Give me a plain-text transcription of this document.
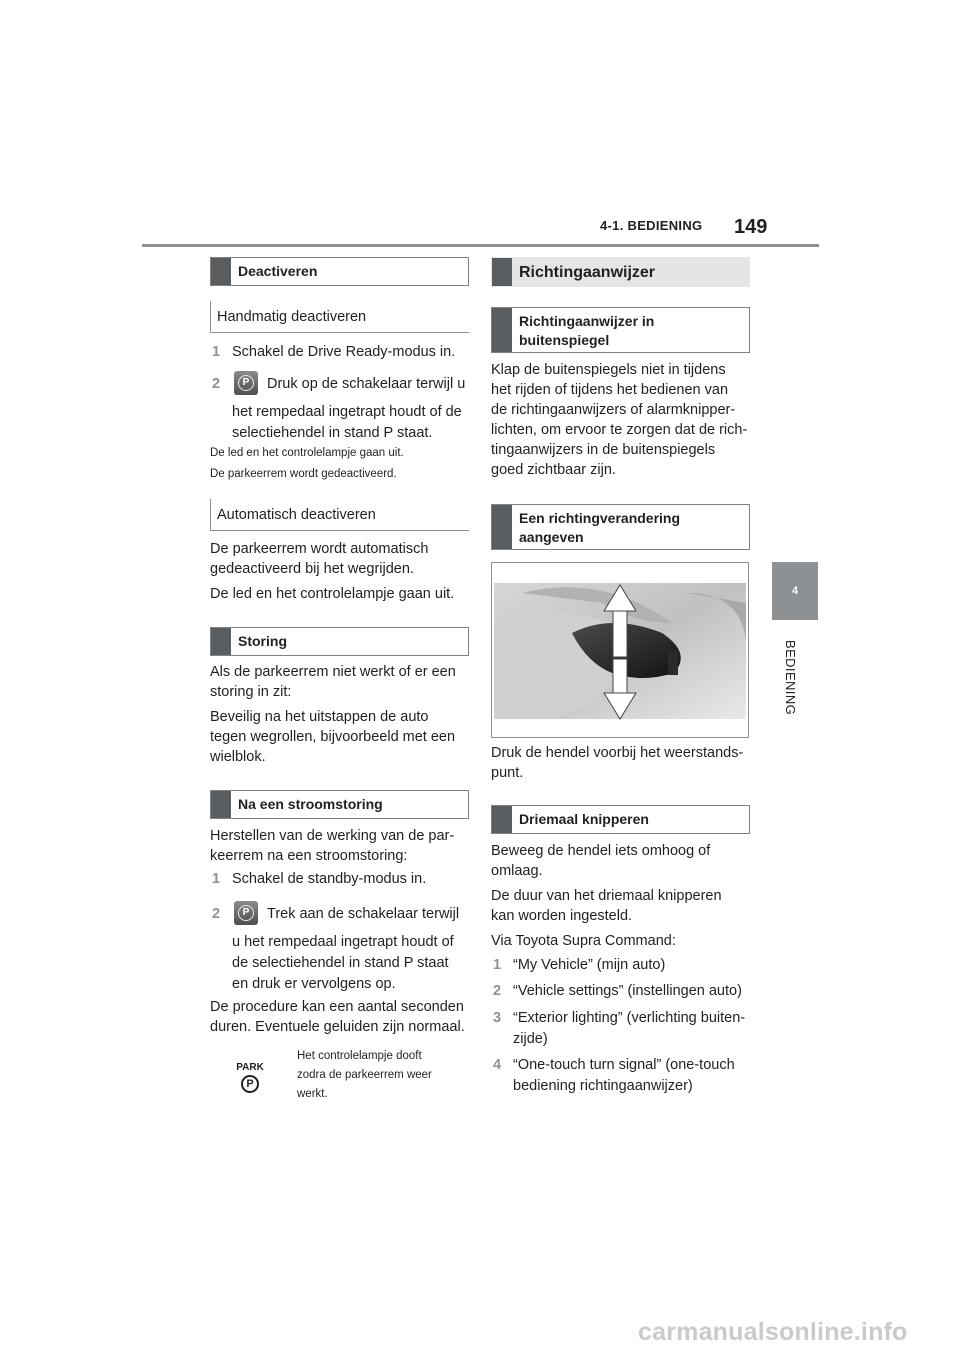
4-1. BEDIENING 149
4
BEDIENING
Deactiveren
Handmatig deactiveren
1 Schakel de Drive Ready-modus in.
2	P	Druk op de schakelaar terwijl u
het rempedaal ingetrapt houdt of de
selectiehendel in stand P staat.
De led en het controlelampje gaan uit.
De parkeerrem wordt gedeactiveerd.
Automatisch deactiveren
De parkeerrem wordt automatisch
gedeactiveerd bij het wegrijden.
De led en het controlelampje gaan uit.
Storing
Als de parkeerrem niet werkt of er een
storing in zit:
Beveilig na het uitstappen de auto
tegen wegrollen, bijvoorbeeld met een
wielblok.
Na een stroomstoring
Herstellen van de werking van de par-
keerrem na een stroomstoring:
1 Schakel de standby-modus in.
2	P	Trek aan de schakelaar terwijl
u het rempedaal ingetrapt houdt of
de selectiehendel in stand P staat
en druk er vervolgens op.
De procedure kan een aantal seconden
duren. Eventuele geluiden zijn normaal.
PARK
P
Het controlelampje dooft
zodra de parkeerrem weer
werkt.
Richtingaanwijzer
Richtingaanwijzer in
buitenspiegel
Klap de buitenspiegels niet in tijdens
het rijden of tijdens het bedienen van
de richtingaanwijzers of alarmknipper-
lichten, om ervoor te zorgen dat de rich-
tingaanwijzers in de buitenspiegels
goed zichtbaar zijn.
Een richtingverandering
aangeven
Druk de hendel voorbij het weerstands-
punt.
Driemaal knipperen
Beweeg de hendel iets omhoog of
omlaag.
De duur van het driemaal knipperen
kan worden ingesteld.
Via Toyota Supra Command:
1 “My Vehicle” (mijn auto)
2 “Vehicle settings” (instellingen auto)
3 “Exterior lighting” (verlichting buiten-
zijde)
4 “One-touch turn signal” (one-touch
bediening richtingaanwijzer)
carmanualsonline.info
